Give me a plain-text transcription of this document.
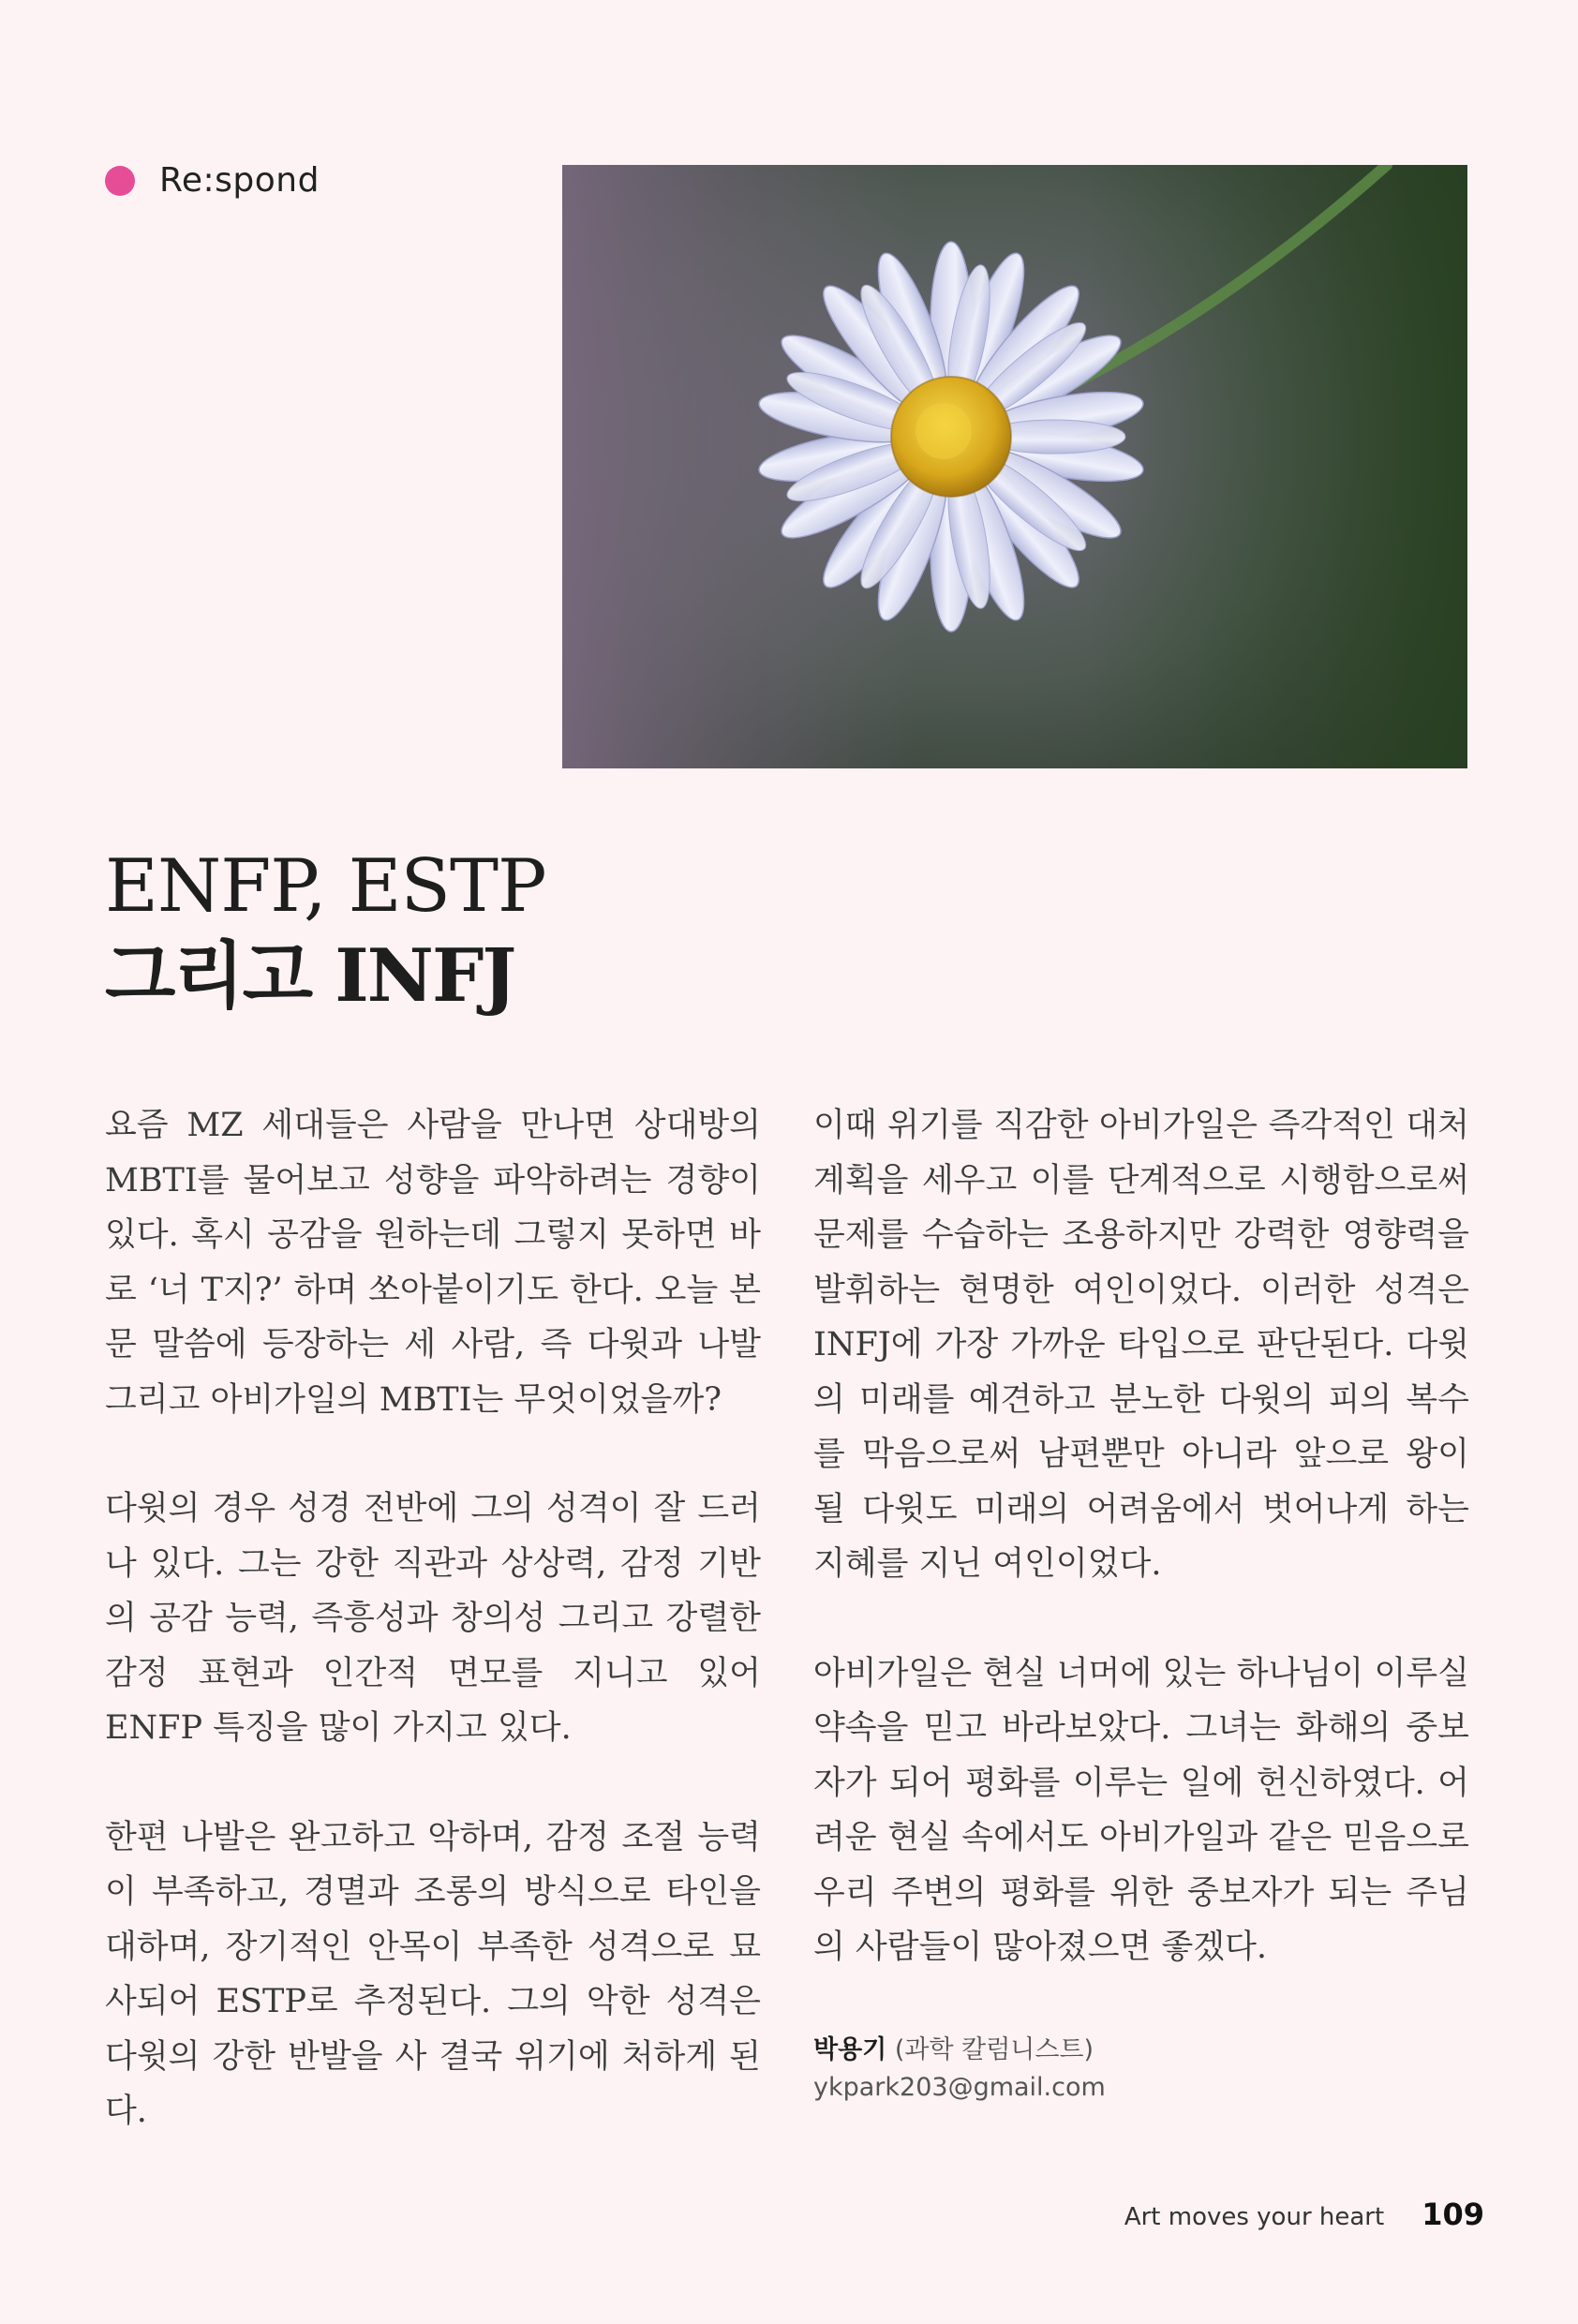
Re:spond
ENFP, ESTP
그리고 INFJ

요즘 MZ 세대들은 사람을 만나면 상대방의 MBTI를 물어보고 성향을 파악하려는 경향이 있다. 혹시 공감을 원하는데 그렇지 못하면 바로 ‘너 T지?’ 하며 쏘아붙이기도 한다. 오늘 본문 말씀에 등장하는 세 사람, 즉 다윗과 나발 그리고 아비가일의 MBTI는 무엇이었을까?

다윗의 경우 성경 전반에 그의 성격이 잘 드러나 있다. 그는 강한 직관과 상상력, 감정 기반의 공감 능력, 즉흥성과 창의성 그리고 강렬한 감정 표현과 인간적 면모를 지니고 있어 ENFP 특징을 많이 가지고 있다.

한편 나발은 완고하고 악하며, 감정 조절 능력이 부족하고, 경멸과 조롱의 방식으로 타인을 대하며, 장기적인 안목이 부족한 성격으로 묘사되어 ESTP로 추정된다. 그의 악한 성격은 다윗의 강한 반발을 사 결국 위기에 처하게 된다.

이때 위기를 직감한 아비가일은 즉각적인 대처 계획을 세우고 이를 단계적으로 시행함으로써 문제를 수습하는 조용하지만 강력한 영향력을 발휘하는 현명한 여인이었다. 이러한 성격은 INFJ에 가장 가까운 타입으로 판단된다. 다윗의 미래를 예견하고 분노한 다윗의 피의 복수를 막음으로써 남편뿐만 아니라 앞으로 왕이 될 다윗도 미래의 어려움에서 벗어나게 하는 지혜를 지닌 여인이었다.

아비가일은 현실 너머에 있는 하나님이 이루실 약속을 믿고 바라보았다. 그녀는 화해의 중보자가 되어 평화를 이루는 일에 헌신하였다. 어려운 현실 속에서도 아비가일과 같은 믿음으로 우리 주변의 평화를 위한 중보자가 되는 주님의 사람들이 많아졌으면 좋겠다.

박용기 (과학 칼럼니스트)
ykpark203@gmail.com
Art moves your heart 109
